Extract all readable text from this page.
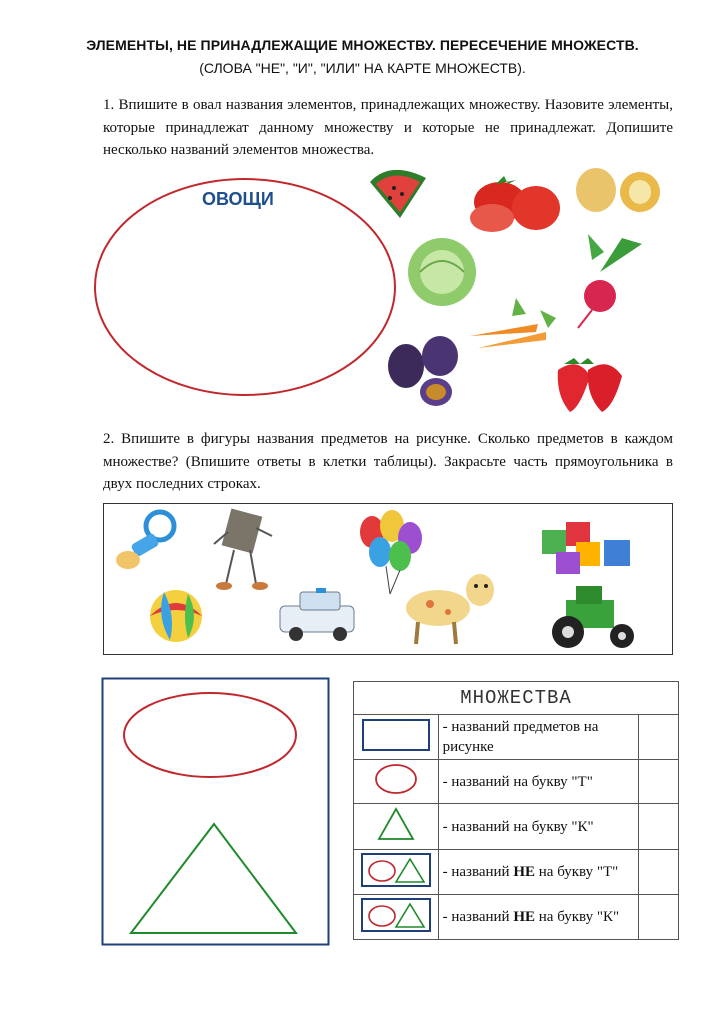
ЭЛЕМЕНТЫ, НЕ ПРИНАДЛЕЖАЩИЕ МНОЖЕСТВУ. ПЕРЕСЕЧЕНИЕ МНОЖЕСТВ.
(СЛОВА "НЕ", "И", "ИЛИ" НА КАРТЕ МНОЖЕСТВ).
1. Впишите в овал названия элементов, принадлежащих множеству. Назовите элементы, которые принадлежат данному множеству и которые не принадлежат. Допишите несколько названий элементов множества.
ОВОЩИ
2. Впишите в фигуры названия предметов на рисунке. Сколько предметов в каждом множестве? (Впишите ответы в клетки таблицы). Закрасьте часть прямоугольника в двух последних строках.
МНОЖЕСТВА		
	- названий предметов на рисунке	
	- названий на букву "Т"	
	- названий на букву "К"	
	- названий НЕ на букву "Т"	
	- названий НЕ на букву "К"	
